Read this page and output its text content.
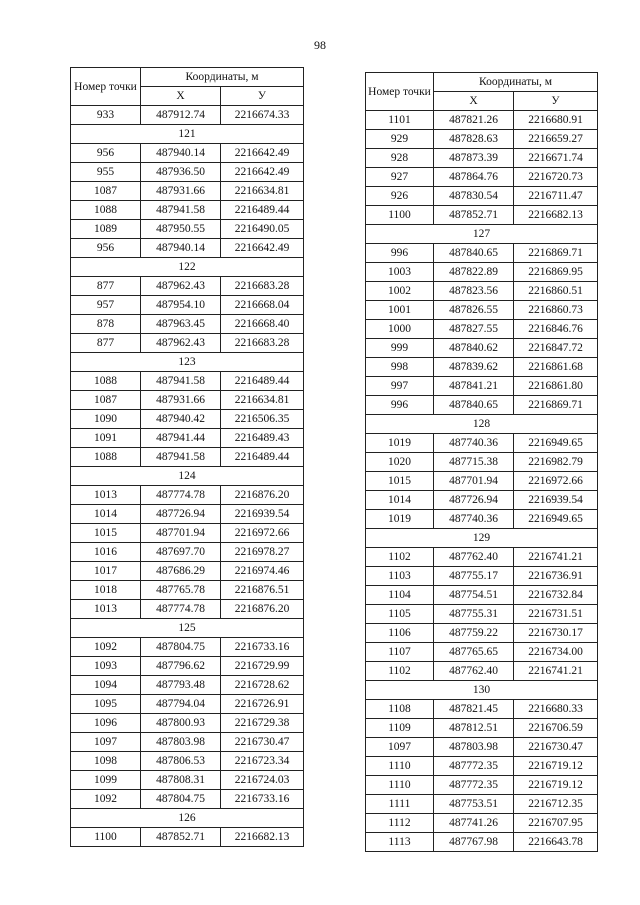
98
Номер точки	Координаты, м	
	Х	У
933	487912.74	2216674.33
121		
956	487940.14	2216642.49
955	487936.50	2216642.49
1087	487931.66	2216634.81
1088	487941.58	2216489.44
1089	487950.55	2216490.05
956	487940.14	2216642.49
122		
877	487962.43	2216683.28
957	487954.10	2216668.04
878	487963.45	2216668.40
877	487962.43	2216683.28
123		
1088	487941.58	2216489.44
1087	487931.66	2216634.81
1090	487940.42	2216506.35
1091	487941.44	2216489.43
1088	487941.58	2216489.44
124		
1013	487774.78	2216876.20
1014	487726.94	2216939.54
1015	487701.94	2216972.66
1016	487697.70	2216978.27
1017	487686.29	2216974.46
1018	487765.78	2216876.51
1013	487774.78	2216876.20
125		
1092	487804.75	2216733.16
1093	487796.62	2216729.99
1094	487793.48	2216728.62
1095	487794.04	2216726.91
1096	487800.93	2216729.38
1097	487803.98	2216730.47
1098	487806.53	2216723.34
1099	487808.31	2216724.03
1092	487804.75	2216733.16
126		
1100	487852.71	2216682.13
Номер точки	Координаты, м	
	Х	У
1101	487821.26	2216680.91
929	487828.63	2216659.27
928	487873.39	2216671.74
927	487864.76	2216720.73
926	487830.54	2216711.47
1100	487852.71	2216682.13
127		
996	487840.65	2216869.71
1003	487822.89	2216869.95
1002	487823.56	2216860.51
1001	487826.55	2216860.73
1000	487827.55	2216846.76
999	487840.62	2216847.72
998	487839.62	2216861.68
997	487841.21	2216861.80
996	487840.65	2216869.71
128		
1019	487740.36	2216949.65
1020	487715.38	2216982.79
1015	487701.94	2216972.66
1014	487726.94	2216939.54
1019	487740.36	2216949.65
129		
1102	487762.40	2216741.21
1103	487755.17	2216736.91
1104	487754.51	2216732.84
1105	487755.31	2216731.51
1106	487759.22	2216730.17
1107	487765.65	2216734.00
1102	487762.40	2216741.21
130		
1108	487821.45	2216680.33
1109	487812.51	2216706.59
1097	487803.98	2216730.47
1110	487772.35	2216719.12
1110	487772.35	2216719.12
1111	487753.51	2216712.35
1112	487741.26	2216707.95
1113	487767.98	2216643.78
